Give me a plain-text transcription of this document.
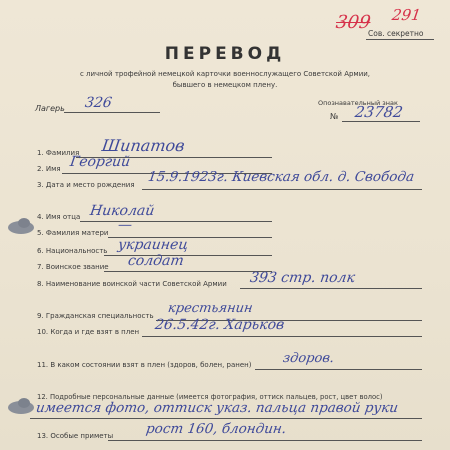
309 291
Сов. секретно
ПЕРЕВОД
с личной трофейной немецкой карточки военнослужащего Советской Армии,
бывшего в немецком плену.
Лагерь 326	Опознавательный знак
№ 23782
1. Фамилия Шипатов
2. Имя Георгий
3. Дата и место рождения 15.9.1923г. Киевская обл. д. Свобода
4. Имя отца Николай
5. Фамилия матери —
6. Национальность украинец
7. Воинское звание солдат
8. Наименование воинской части Советской Армии 393 стр. полк
9. Гражданская специальность крестьянин
10. Когда и где взят в плен 26.5.42г. Харьков
11. В каком состоянии взят в плен (здоров, болен, ранен) здоров.
12. Подробные персональные данные (имеется фотография, оттиск пальцев, рост, цвет волос)
имеется фото, оттиск указ. пальца правой руки
13. Особые приметы рост 160, блондин.
